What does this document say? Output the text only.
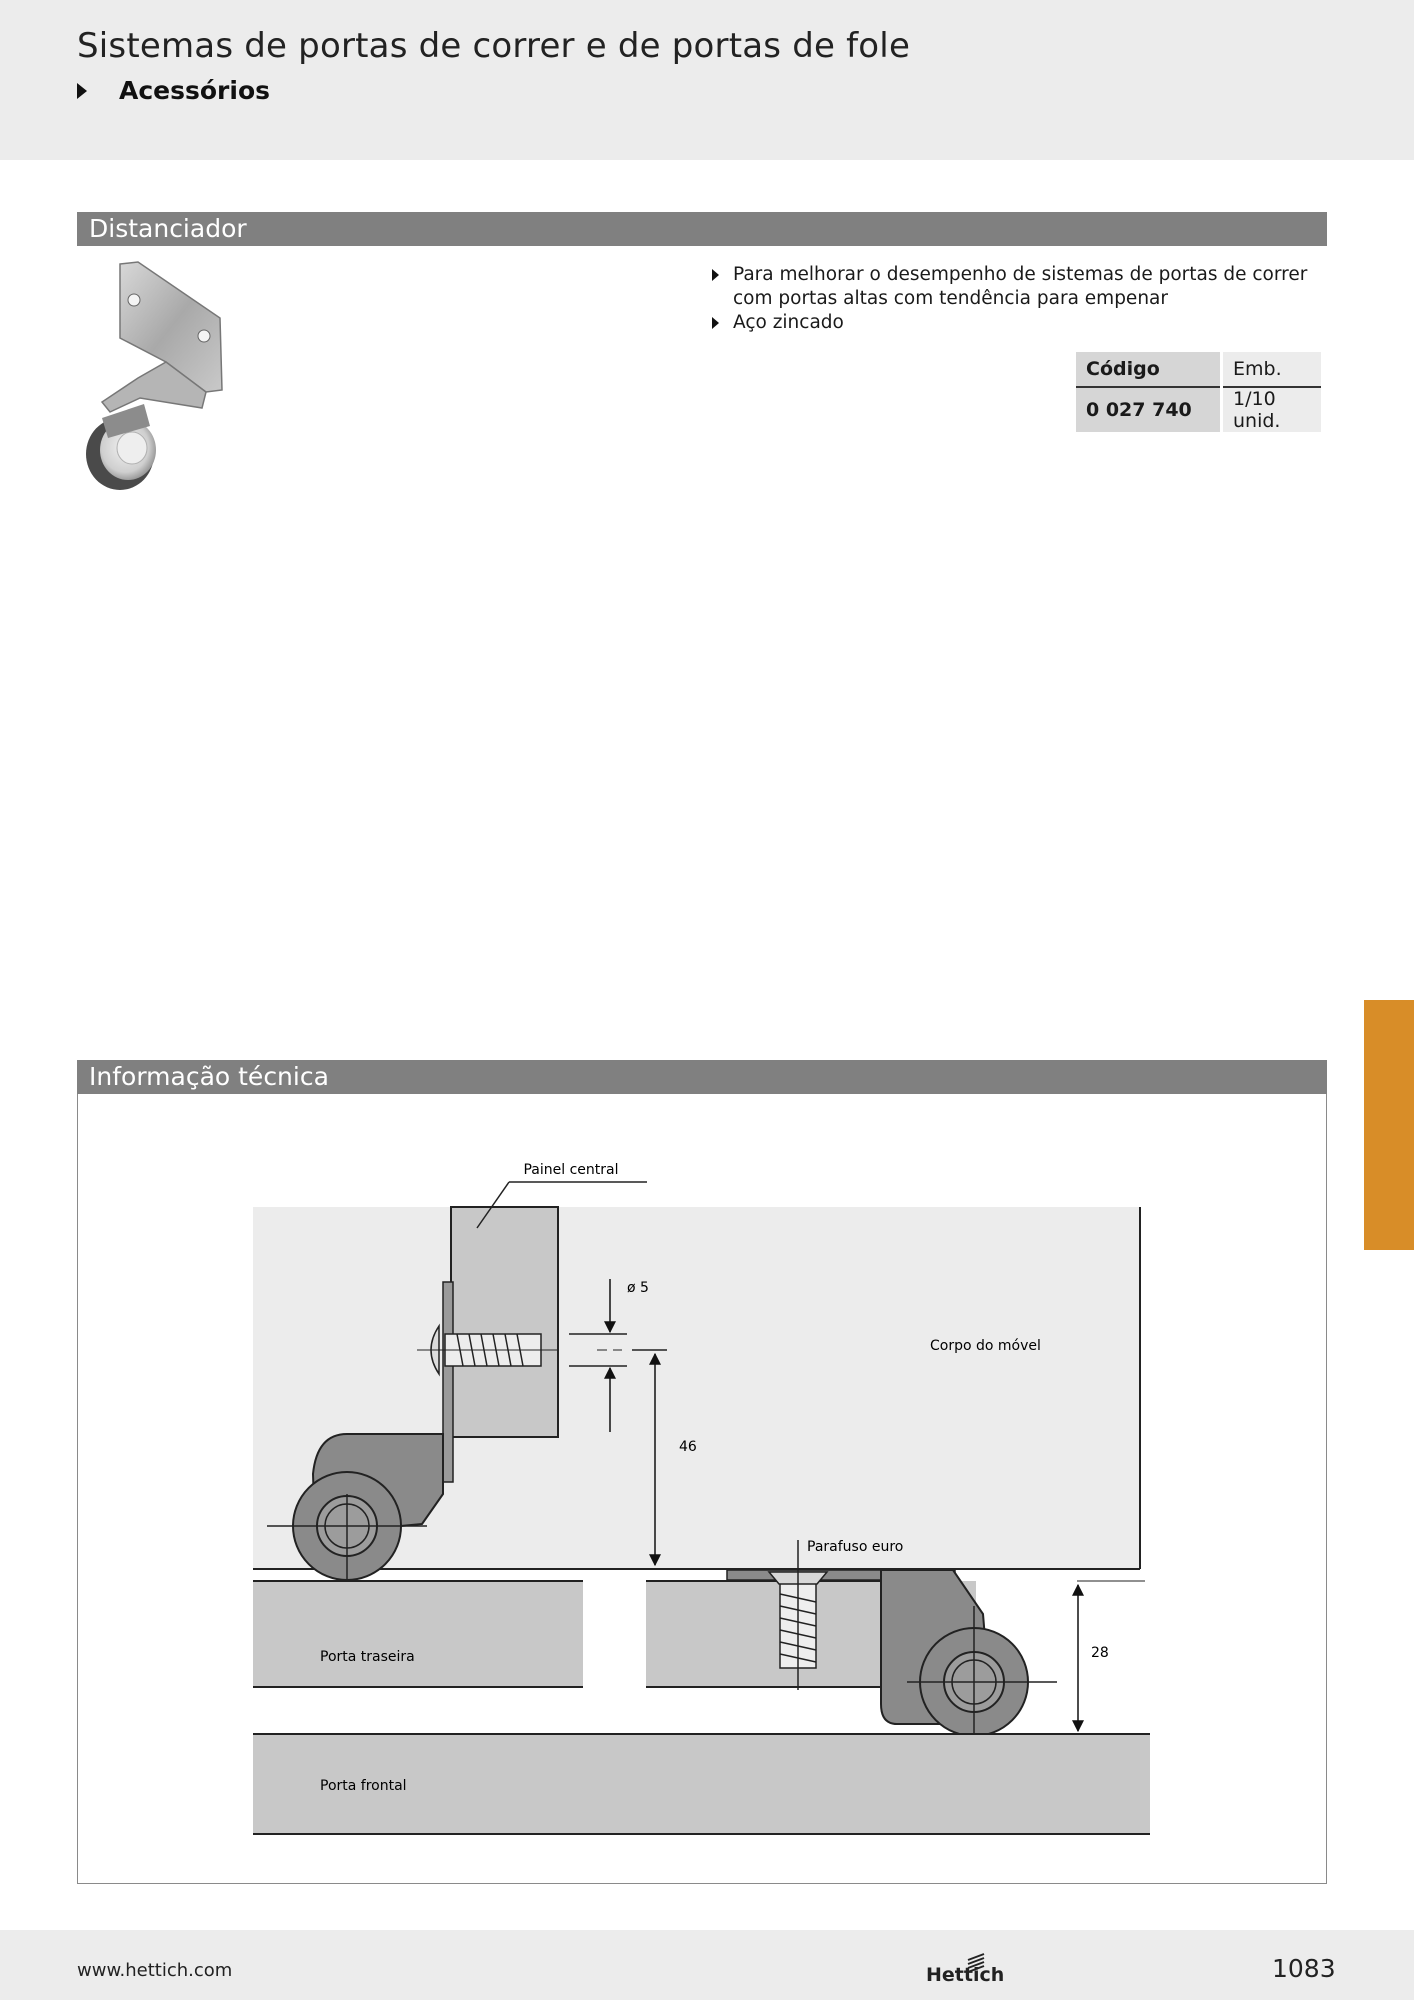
Sistemas de portas de correr e de portas de fole
Acessórios
Distanciador
Para melhorar o desempenho de sistemas de portas de correr com portas altas com tendência para empenar
Aço zincado
Código	Emb.
0 027 740	1/10 unid.
Informação técnica
Painel central
ø 5
46
Corpo do móvel
Porta traseira
Parafuso euro
28
Porta frontal
www.hettich.com	Hettich	1083
